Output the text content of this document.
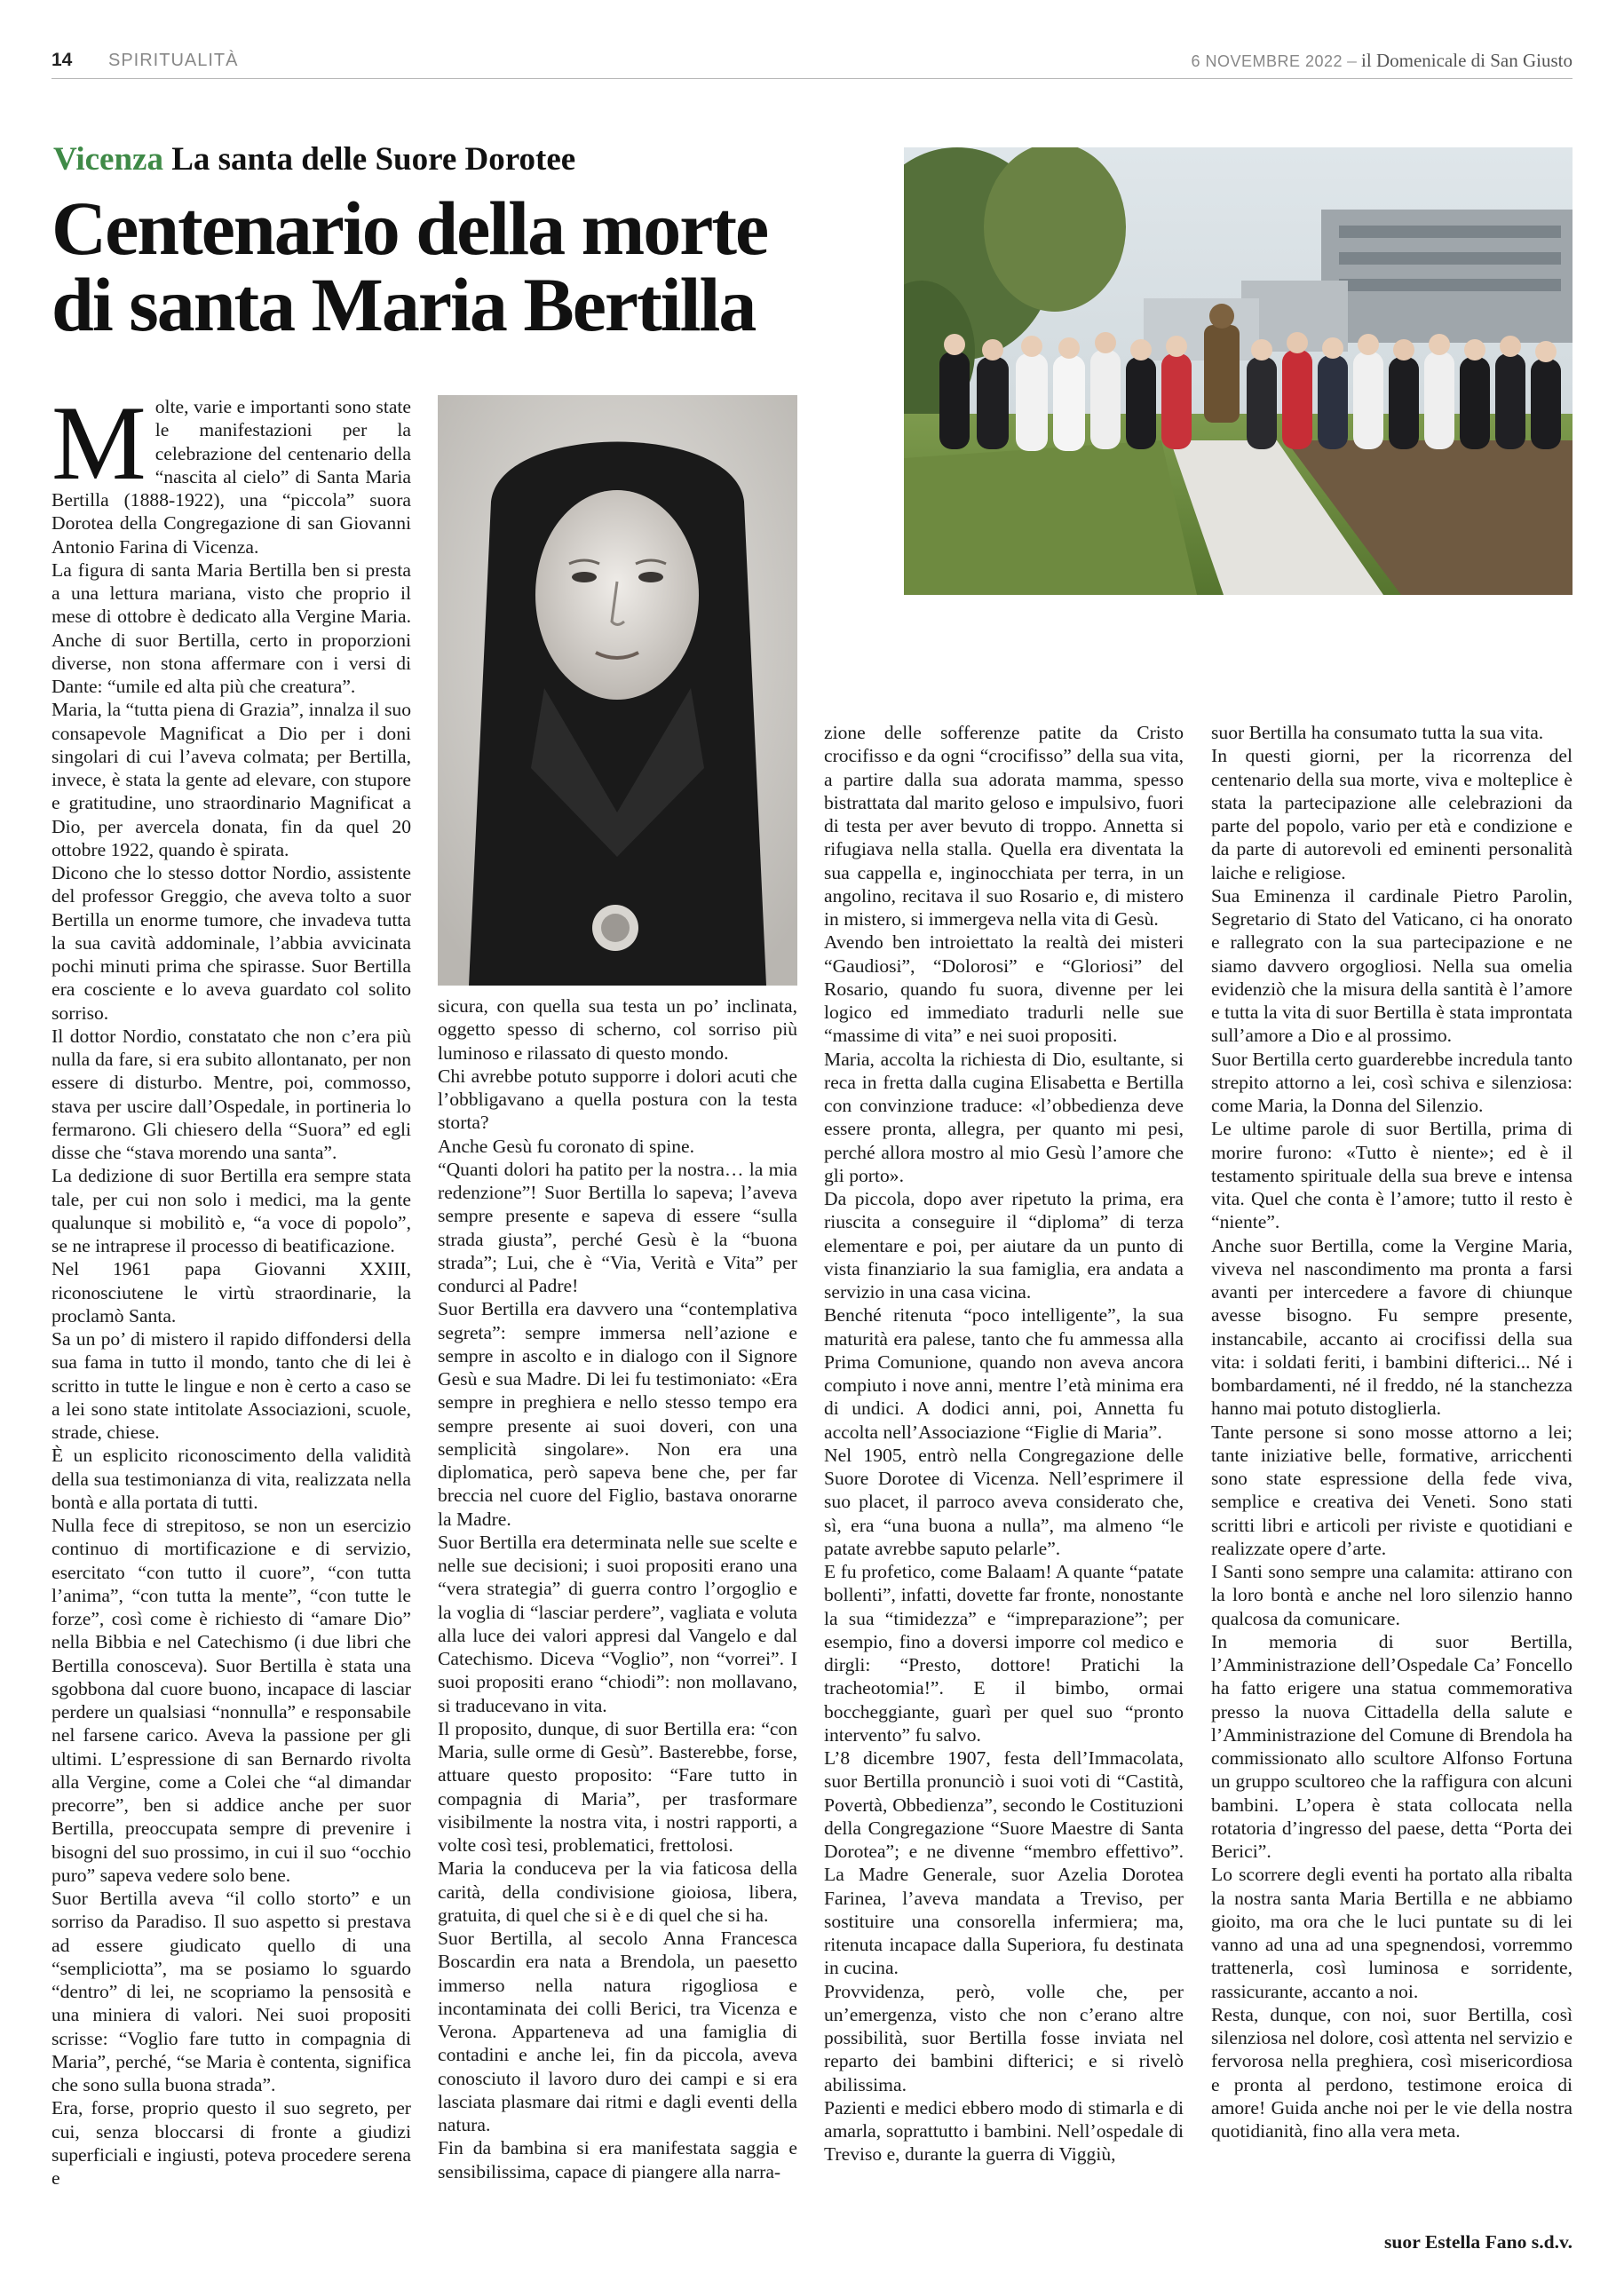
14 SPIRITUALITÀ	6 NOVEMBRE 2022 – il Domenicale di San Giusto
Vicenza La santa delle Suore Dorotee
Centenario della morte
di santa Maria Bertilla

Molte, varie e importanti sono state le manifestazioni per la celebrazione del centenario della “nascita al cielo” di Santa Maria Bertilla (1888-1922), una “piccola” suora Dorotea della Congregazione di san Giovanni Antonio Farina di Vicenza.

La figura di santa Maria Bertilla ben si presta a una lettura mariana, visto che proprio il mese di ottobre è dedicato alla Vergine Maria. Anche di suor Bertilla, certo in proporzioni diverse, non stona affermare con i versi di Dante: “umile ed alta più che creatura”.

Maria, la “tutta piena di Grazia”, innalza il suo consapevole Magnificat a Dio per i doni singolari di cui l’aveva colmata; per Bertilla, invece, è stata la gente ad elevare, con stupore e gratitudine, uno straordinario Magnificat a Dio, per avercela donata, fin da quel 20 ottobre 1922, quando è spirata.

Dicono che lo stesso dottor Nordio, assistente del professor Greggio, che aveva tolto a suor Bertilla un enorme tumore, che invadeva tutta la sua cavità addominale, l’abbia avvicinata pochi minuti prima che spirasse. Suor Bertilla era cosciente e lo aveva guardato col solito sorriso.

Il dottor Nordio, constatato che non c’era più nulla da fare, si era subito allontanato, per non essere di disturbo. Mentre, poi, commosso, stava per uscire dall’Ospedale, in portineria lo fermarono. Gli chiesero della “Suora” ed egli disse che “stava morendo una santa”.

La dedizione di suor Bertilla era sempre stata tale, per cui non solo i medici, ma la gente qualunque si mobilitò e, “a voce di popolo”, se ne intraprese il processo di beatificazione.

Nel 1961 papa Giovanni XXIII, riconosciutene le virtù straordinarie, la proclamò Santa.

Sa un po’ di mistero il rapido diffondersi della sua fama in tutto il mondo, tanto che di lei è scritto in tutte le lingue e non è certo a caso se a lei sono state intitolate Associazioni, scuole, strade, chiese.

È un esplicito riconoscimento della validità della sua testimonianza di vita, realizzata nella bontà e alla portata di tutti.

Nulla fece di strepitoso, se non un esercizio continuo di mortificazione e di servizio, esercitato “con tutto il cuore”, “con tutta l’anima”, “con tutta la mente”, “con tutte le forze”, così come è richiesto di “amare Dio” nella Bibbia e nel Catechismo (i due libri che Bertilla conosceva). Suor Bertilla è stata una sgobbona dal cuore buono, incapace di lasciar perdere un qualsiasi “nonnulla” e responsabile nel farsene carico. Aveva la passione per gli ultimi. L’espressione di san Bernardo rivolta alla Vergine, come a Colei che “al dimandar precorre”, ben si addice anche per suor Bertilla, preoccupata sempre di prevenire i bisogni del suo prossimo, in cui il suo “occhio puro” sapeva vedere solo bene.

Suor Bertilla aveva “il collo storto” e un sorriso da Paradiso. Il suo aspetto si prestava ad essere giudicato quello di una “sempliciotta”, ma se posiamo lo sguardo “dentro” di lei, ne scopriamo la pensosità e una miniera di valori. Nei suoi propositi scrisse: “Voglio fare tutto in compagnia di Maria”, perché, “se Maria è contenta, significa che sono sulla buona strada”.

Era, forse, proprio questo il suo segreto, per cui, senza bloccarsi di fronte a giudizi superficiali e ingiusti, poteva procedere serena e

sicura, con quella sua testa un po’ inclinata, oggetto spesso di scherno, col sorriso più luminoso e rilassato di questo mondo.

Chi avrebbe potuto supporre i dolori acuti che l’obbligavano a quella postura con la testa storta?

Anche Gesù fu coronato di spine.

“Quanti dolori ha patito per la nostra… la mia redenzione”! Suor Bertilla lo sapeva; l’aveva sempre presente e sapeva di essere “sulla strada giusta”, perché Gesù è la “buona strada”; Lui, che è “Via, Verità e Vita” per condurci al Padre!

Suor Bertilla era davvero una “contemplativa segreta”: sempre immersa nell’azione e sempre in ascolto e in dialogo con il Signore Gesù e sua Madre. Di lei fu testimoniato: «Era sempre in preghiera e nello stesso tempo era sempre presente ai suoi doveri, con una semplicità singolare». Non era una diplomatica, però sapeva bene che, per far breccia nel cuore del Figlio, bastava onorarne la Madre.

Suor Bertilla era determinata nelle sue scelte e nelle sue decisioni; i suoi propositi erano una “vera strategia” di guerra contro l’orgoglio e la voglia di “lasciar perdere”, vagliata e voluta alla luce dei valori appresi dal Vangelo e dal Catechismo. Diceva “Voglio”, non “vorrei”. I suoi propositi erano “chiodi”: non mollavano, si traducevano in vita.

Il proposito, dunque, di suor Bertilla era: “con Maria, sulle orme di Gesù”. Basterebbe, forse, attuare questo proposito: “Fare tutto in compagnia di Maria”, per trasformare visibilmente la nostra vita, i nostri rapporti, a volte così tesi, problematici, frettolosi.

Maria la conduceva per la via faticosa della carità, della condivisione gioiosa, libera, gratuita, di quel che si è e di quel che si ha.

Suor Bertilla, al secolo Anna Francesca Boscardin era nata a Brendola, un paesetto immerso nella natura rigogliosa e incontaminata dei colli Berici, tra Vicenza e Verona. Apparteneva ad una famiglia di contadini e anche lei, fin da piccola, aveva conosciuto il lavoro duro dei campi e si era lasciata plasmare dai ritmi e dagli eventi della natura.

Fin da bambina si era manifestata saggia e sensibilissima, capace di piangere alla narra-

zione delle sofferenze patite da Cristo crocifisso e da ogni “crocifisso” della sua vita, a partire dalla sua adorata mamma, spesso bistrattata dal marito geloso e impulsivo, fuori di testa per aver bevuto di troppo. Annetta si rifugiava nella stalla. Quella era diventata la sua cappella e, inginocchiata per terra, in un angolino, recitava il suo Rosario e, di mistero in mistero, si immergeva nella vita di Gesù.

Avendo ben introiettato la realtà dei misteri “Gaudiosi”, “Dolorosi” e “Gloriosi” del Rosario, quando fu suora, divenne per lei logico ed immediato tradurli nelle sue “massime di vita” e nei suoi propositi.

Maria, accolta la richiesta di Dio, esultante, si reca in fretta dalla cugina Elisabetta e Bertilla con convinzione traduce: «l’obbedienza deve essere pronta, allegra, per quanto mi pesi, perché allora mostro al mio Gesù l’amore che gli porto».

Da piccola, dopo aver ripetuto la prima, era riuscita a conseguire il “diploma” di terza elementare e poi, per aiutare da un punto di vista finanziario la sua famiglia, era andata a servizio in una casa vicina.

Benché ritenuta “poco intelligente”, la sua maturità era palese, tanto che fu ammessa alla Prima Comunione, quando non aveva ancora compiuto i nove anni, mentre l’età minima era di undici. A dodici anni, poi, Annetta fu accolta nell’Associazione “Figlie di Maria”.

Nel 1905, entrò nella Congregazione delle Suore Dorotee di Vicenza. Nell’esprimere il suo placet, il parroco aveva considerato che, sì, era “una buona a nulla”, ma almeno “le patate avrebbe saputo pelarle”.

E fu profetico, come Balaam! A quante “patate bollenti”, infatti, dovette far fronte, nonostante la sua “timidezza” e “impreparazione”; per esempio, fino a doversi imporre col medico e dirgli: “Presto, dottore! Pratichi la tracheotomia!”. E il bimbo, ormai boccheggiante, guarì per quel suo “pronto intervento” fu salvo.

L’8 dicembre 1907, festa dell’Immacolata, suor Bertilla pronunciò i suoi voti di “Castità, Povertà, Obbedienza”, secondo le Costituzioni della Congregazione “Suore Maestre di Santa Dorotea”; e ne divenne “membro effettivo”. La Madre Generale, suor Azelia Dorotea Farinea, l’aveva mandata a Treviso, per sostituire una consorella infermiera; ma, ritenuta incapace dalla Superiora, fu destinata in cucina.

Provvidenza, però, volle che, per un’emergenza, visto che non c’erano altre possibilità, suor Bertilla fosse inviata nel reparto dei bambini difterici; e si rivelò abilissima.

Pazienti e medici ebbero modo di stimarla e di amarla, soprattutto i bambini. Nell’ospedale di Treviso e, durante la guerra di Viggiù,

suor Bertilla ha consumato tutta la sua vita.

In questi giorni, per la ricorrenza del centenario della sua morte, viva e molteplice è stata la partecipazione alle celebrazioni da parte del popolo, vario per età e condizione e da parte di autorevoli ed eminenti personalità laiche e religiose.

Sua Eminenza il cardinale Pietro Parolin, Segretario di Stato del Vaticano, ci ha onorato e rallegrato con la sua partecipazione e ne siamo davvero orgogliosi. Nella sua omelia evidenziò che la misura della santità è l’amore e tutta la vita di suor Bertilla è stata improntata sull’amore a Dio e al prossimo.

Suor Bertilla certo guarderebbe incredula tanto strepito attorno a lei, così schiva e silenziosa: come Maria, la Donna del Silenzio.

Le ultime parole di suor Bertilla, prima di morire furono: «Tutto è niente»; ed è il testamento spirituale della sua breve e intensa vita. Quel che conta è l’amore; tutto il resto è “niente”.

Anche suor Bertilla, come la Vergine Maria, viveva nel nascondimento ma pronta a farsi avanti per intercedere a favore di chiunque avesse bisogno. Fu sempre presente, instancabile, accanto ai crocifissi della sua vita: i soldati feriti, i bambini difterici... Né i bombardamenti, né il freddo, né la stanchezza hanno mai potuto distoglierla.

Tante persone si sono mosse attorno a lei; tante iniziative belle, formative, arricchenti sono state espressione della fede viva, semplice e creativa dei Veneti. Sono stati scritti libri e articoli per riviste e quotidiani e realizzate opere d’arte.

I Santi sono sempre una calamita: attirano con la loro bontà e anche nel loro silenzio hanno qualcosa da comunicare.

In memoria di suor Bertilla, l’Amministrazione dell’Ospedale Ca’ Foncello ha fatto erigere una statua commemorativa presso la nuova Cittadella della salute e l’Amministrazione del Comune di Brendola ha commissionato allo scultore Alfonso Fortuna un gruppo scultoreo che la raffigura con alcuni bambini. L’opera è stata collocata nella rotatoria d’ingresso del paese, detta “Porta dei Berici”.

Lo scorrere degli eventi ha portato alla ribalta la nostra santa Maria Bertilla e ne abbiamo gioito, ma ora che le luci puntate su di lei vanno ad una ad una spegnendosi, vorremmo trattenerla, così luminosa e sorridente, rassicurante, accanto a noi.

Resta, dunque, con noi, suor Bertilla, così silenziosa nel dolore, così attenta nel servizio e fervorosa nella preghiera, così misericordiosa e pronta al perdono, testimone eroica di amore! Guida anche noi per le vie della nostra quotidianità, fino alla vera meta.

suor Estella Fano s.d.v.
